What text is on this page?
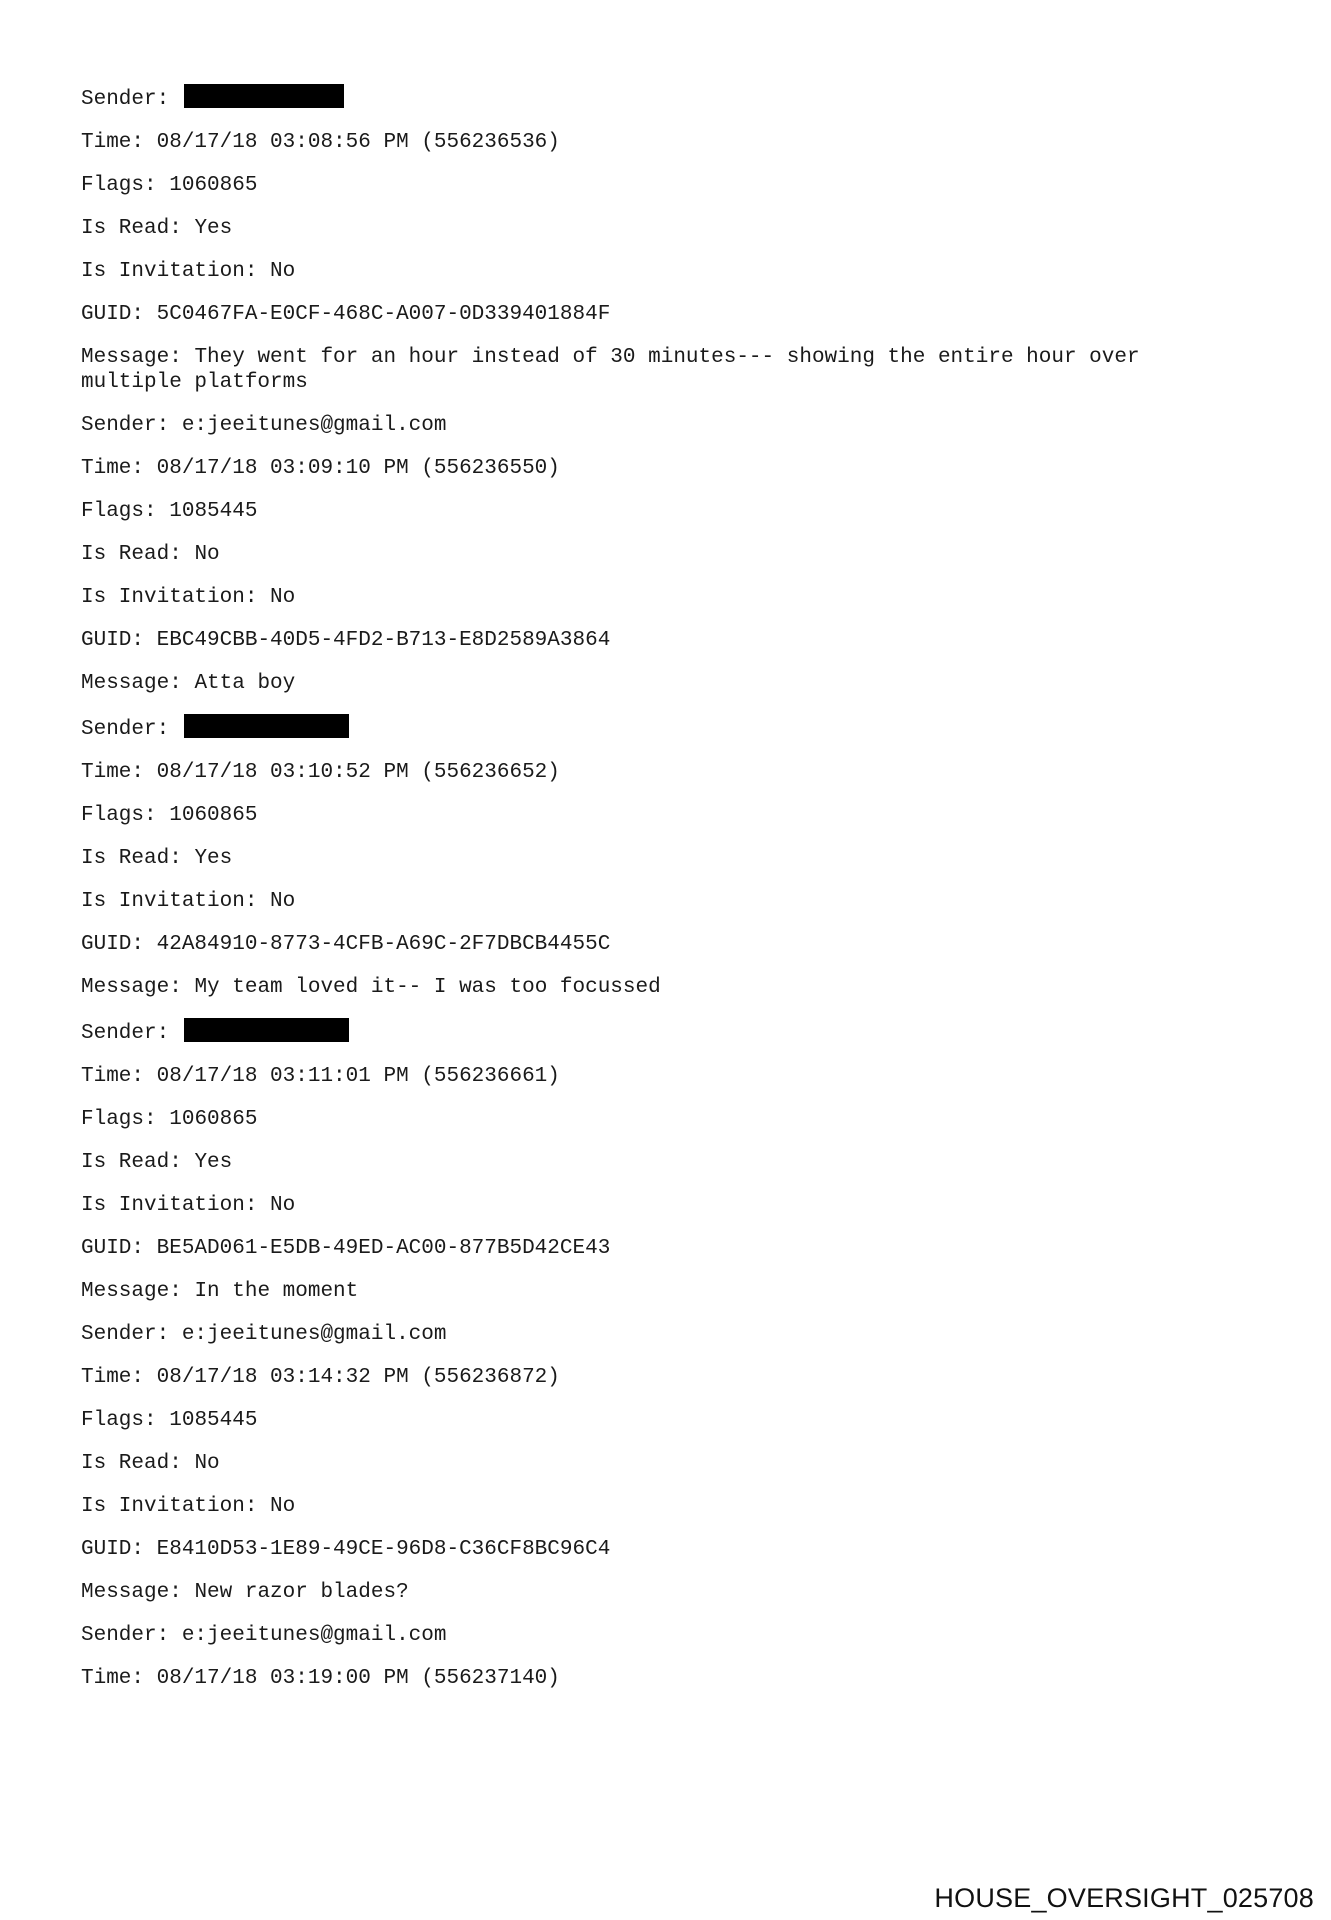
Sender:
Time: 08/17/18 03:08:56 PM (556236536)
Flags: 1060865
Is Read: Yes
Is Invitation: No
GUID: 5C0467FA-E0CF-468C-A007-0D339401884F
Message: They went for an hour instead of 30 minutes--- showing the entire hour over multiple platforms
Sender: e:jeeitunes@gmail.com
Time: 08/17/18 03:09:10 PM (556236550)
Flags: 1085445
Is Read: No
Is Invitation: No
GUID: EBC49CBB-40D5-4FD2-B713-E8D2589A3864
Message: Atta boy
Sender:
Time: 08/17/18 03:10:52 PM (556236652)
Flags: 1060865
Is Read: Yes
Is Invitation: No
GUID: 42A84910-8773-4CFB-A69C-2F7DBCB4455C
Message: My team loved it-- I was too focussed
Sender:
Time: 08/17/18 03:11:01 PM (556236661)
Flags: 1060865
Is Read: Yes
Is Invitation: No
GUID: BE5AD061-E5DB-49ED-AC00-877B5D42CE43
Message: In the moment
Sender: e:jeeitunes@gmail.com
Time: 08/17/18 03:14:32 PM (556236872)
Flags: 1085445
Is Read: No
Is Invitation: No
GUID: E8410D53-1E89-49CE-96D8-C36CF8BC96C4
Message: New razor blades?
Sender: e:jeeitunes@gmail.com
Time: 08/17/18 03:19:00 PM (556237140)
HOUSE_OVERSIGHT_025708
